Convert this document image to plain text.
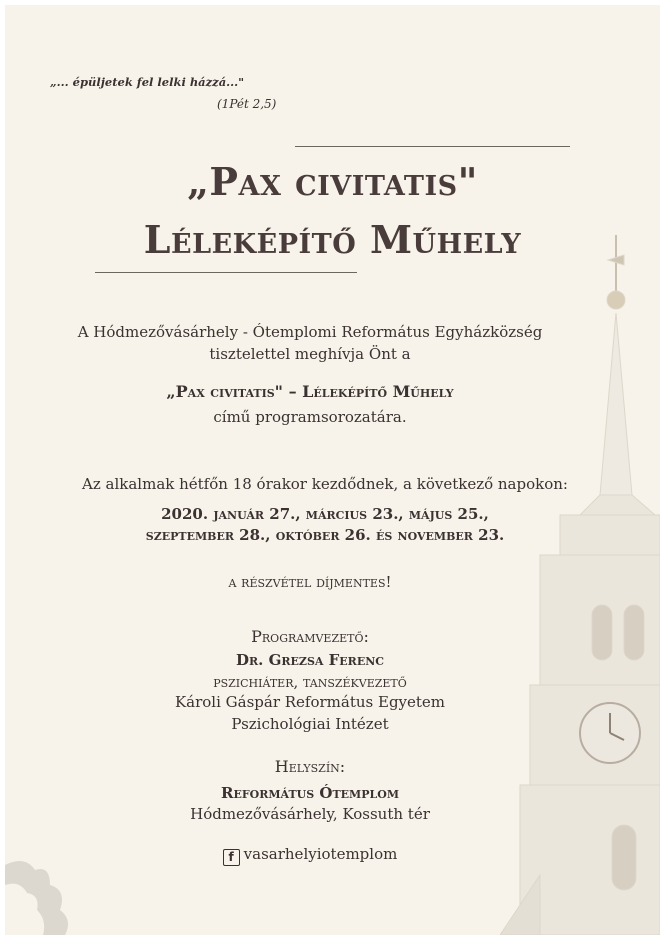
„... épüljetek fel lelki házzá..."
(1Pét 2,5)
„Pax civitatis"
Léleképítő Műhely
A Hódmezővásárhely - Ótemplomi Református Egyházközség
tisztelettel meghívja Önt a
„Pax civitatis" – Léleképítő Műhely
című programsorozatára.
Az alkalmak hétfőn 18 órakor kezdődnek, a következő napokon:
2020. január 27., március 23., május 25.,
szeptember 28., október 26. és november 23.
a részvétel díjmentes!
Programvezető:
Dr. Grezsa Ferenc
pszichiáter, tanszékvezető
Károli Gáspár Református Egyetem
Pszichológiai Intézet
Helyszín:
Református Ótemplom
Hódmezővásárhely, Kossuth tér
f vasarhelyiotemplom
